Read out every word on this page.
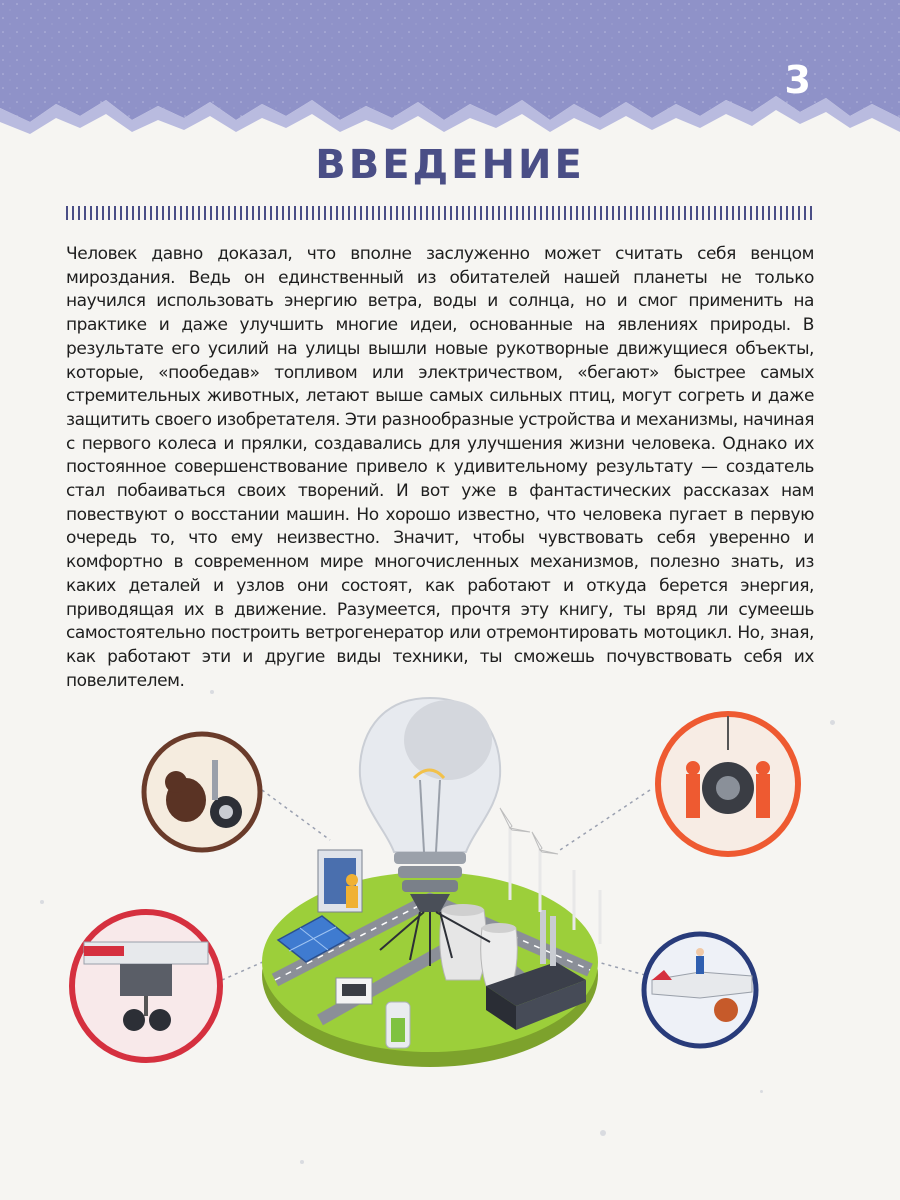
3
ВВЕДЕНИЕ

Человек давно доказал, что вполне заслуженно может считать себя венцом мироздания. Ведь он единственный из обитателей нашей планеты не только научился использовать энергию ветра, воды и солнца, но и смог применить на практике и даже улучшить многие идеи, основанные на явлениях природы. В результате его усилий на улицы вышли новые рукотворные движущиеся объекты, которые, «пообедав» топливом или электричеством, «бегают» быстрее самых стремительных животных, летают выше самых сильных птиц, могут согреть и даже защитить своего изобретателя. Эти разнообразные устройства и механизмы, начиная с первого колеса и прялки, создавались для улучшения жизни человека. Однако их постоянное совершенствование привело к удивительному результату — создатель стал побаиваться своих творений. И вот уже в фантастических рассказах нам повествуют о восстании машин. Но хорошо известно, что человека пугает в первую очередь то, что ему неизвестно. Значит, чтобы чувствовать себя уверенно и комфортно в современном мире многочисленных механизмов, полезно знать, из каких деталей и узлов они состоят, как работают и откуда берется энергия, приводящая их в движение. Разумеется, прочтя эту книгу, ты вряд ли сумеешь самостоятельно построить ветрогенератор или отремонтировать мотоцикл. Но, зная, как работают эти и другие виды техники, ты сможешь почувствовать себя их повелителем.
